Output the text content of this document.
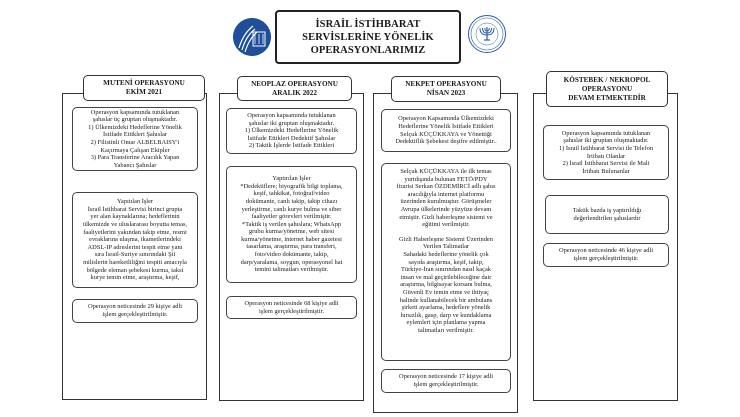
İSRAİL İSTİHBARAT
SERVİSLERİNE YÖNELİK
OPERASYONLARIMIZ
MUTENİ OPERASYONU
EKİM 2021
Operasyon kapsamında tutuklanan
şahıslar üç gruptan oluşmaktadır.
1) Ülkemizdeki Hedeflerine Yönelik
İstifade Ettikleri Şahıslar
2) Filistinli Omar ALBELBAISY'i
Kaçırmaya Çalışan Ekipler
3) Para Transferine Aracılık Yapan
Yabancı Şahıslar
Yapıtılan İşler
İsrail İstihbarat Servisi birinci grupta
yer alan kaynaklarına; hedeflerinin
ülkemizde ve uluslararası boyutta temas,
faaliyetlerini yakından takip etme, resmi
evraklarına ulaşma, ikametlerindeki
ADSL-IP adreslerini tespit etme yanı
sıra İsrail-Suriye sınırındaki Şii
milislerin hareketliliğini tespiti amacıyla
bölgede eleman şebekesi kurma, taksi
kurye temin etme, araştırma, keşif,
Operasyon neticesinde 29 kişiye adli
işlem gerçekleştirilmiştir.
NEOPLAZ OPERASYONU
ARALIK 2022
Operasyon kapsamında tutuklanan
şahıslar iki gruptan oluşmaktadır.
1) Ülkemizdeki Hedeflerine Yönelik
İstifade Ettikleri Dedektif Şahıslar
2) Taktik İşlerde İstifade Ettikleri
Yaptırılan İşler
*Dedektiflere; biyografik bilgi toplama,
keşif, tahkikat, fotoğraf/video
dokümante, canlı takip, takip cihazı
yerleştirme, canlı kurye bulma ve siber
faaliyetler görevleri verilmiştir.
*Taktik iş verilen şahıslara; WhatsApp
grubu kurma/yönetme, web sitesi
kurma/yönetme, internet haber gazetesi
tasarlama, araştırma, para transferi,
foto/video dokümante, takip,
darp/yaralama, soygun, operasyonel hat
temini talimatları verilmiştir.
Operasyon neticesinde 68 kişiye adli
işlem gerçekleştirilmiştir.
NEKPET OPERASYONU
NİSAN 2023
Operasyon Kapsamında Ülkemizdeki
Hedeflerine Yönelik İstifade Ettikleri
Selçuk KÜÇÜKKAYA ve Yönettiği
Dedektiflik Şebekesi deşifre edilmiştir..
Selçuk KÜÇÜKKAYA ile ilk temas
yurtdışında bulunan FETÖ/PDY
firarisi Serkan ÖZDEMİRCİ adlı şahıs
aracılığıyla internet platformu
üzerinden kurulmuştur. Görüşmeler
Avrupa ülkelerinde yüzyüze devam
etmiştir. Gizli haberleşme sistemi ve
eğitimi verilmiştir.
Gizli Haberleşme Sistemi Üzerinden
Verilen Talimatlar
Sahadaki hedeflerine yönelik çok
sayıda araştırma, keşif, takip,
Türkiye-İran sınırından nasıl kaçak
insan ve mal geçirilebileceğine dair
araştırma, bilgisayar korsanı bulma,
Güvenli Ev temin etme ve ihtiyaç
halinde kullanabilecek bir ambulans
şirketi ayarlama, hedeflere yönelik
hırsızlık, gasp, darp ve kundaklama
eylemleri için planlama yapma
talimatları verilmiştir.
Operasyon neticesinde 17 kişiye adli
işlem gerçekleştirilmiştir.
KÖSTEBEK / NEKROPOL
OPERASYONU
DEVAM ETMEKTEDİR
Operasyon kapsamında tutuklanan
şahıslar iki gruptan oluşmaktadır.
1) İsrail İstihbarat Servisi ile Telefon
İrtibatı Olanlar
2) İsrail İstihbarat Servisi ile Mali
İrtibatı Bulunanlar
Taktik bazda iş yaptırıldığı
değerlendirilen şahıslardır
Operasyon neticesinde 46 kişiye adli
işlem gerçekleştirilmiştir.
